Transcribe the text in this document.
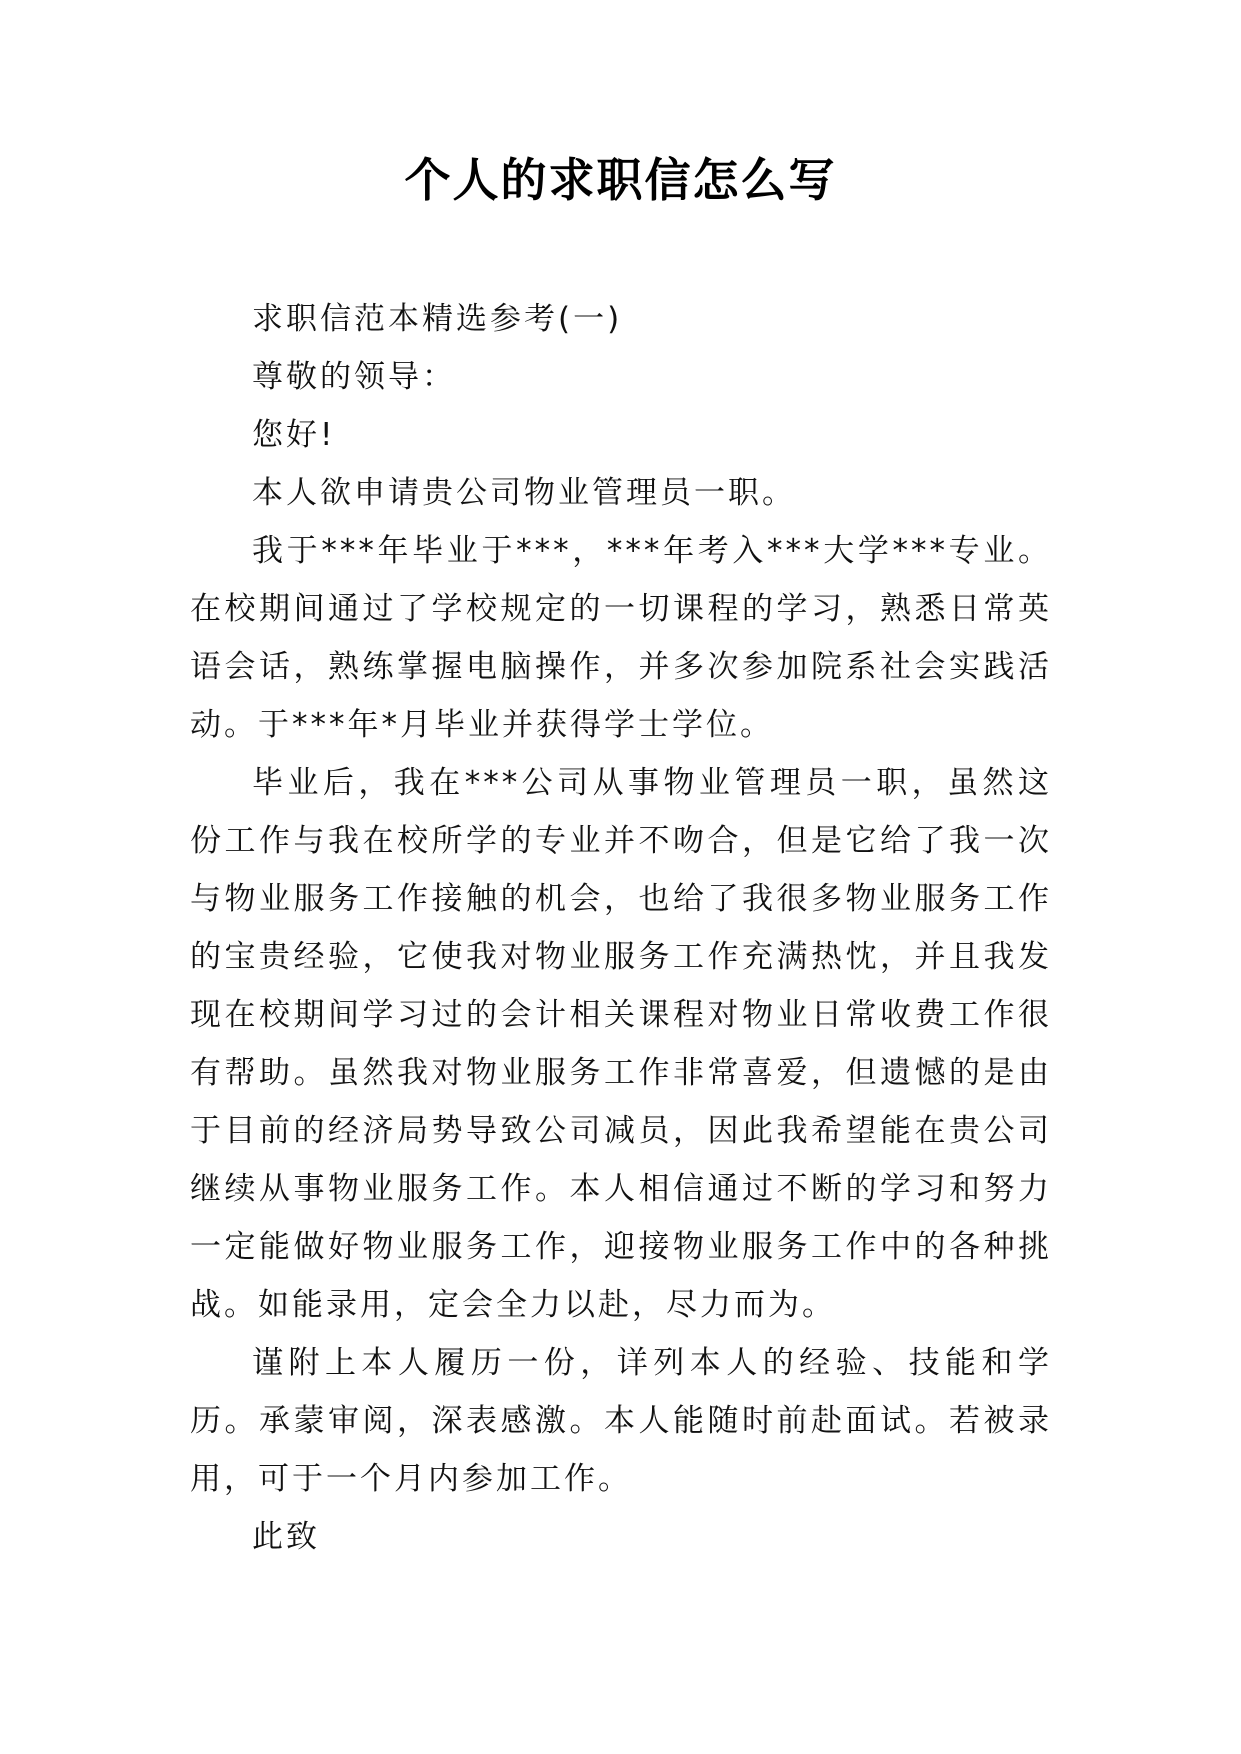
个人的求职信怎么写

求职信范本精选参考(一)

尊敬的领导：

您好!

本人欲申请贵公司物业管理员一职。

我于***年毕业于***，***年考入***大学***专业。在校期间通过了学校规定的一切课程的学习，熟悉日常英语会话，熟练掌握电脑操作，并多次参加院系社会实践活动。于***年*月毕业并获得学士学位。

毕业后，我在***公司从事物业管理员一职，虽然这份工作与我在校所学的专业并不吻合，但是它给了我一次与物业服务工作接触的机会，也给了我很多物业服务工作的宝贵经验，它使我对物业服务工作充满热忱，并且我发现在校期间学习过的会计相关课程对物业日常收费工作很有帮助。虽然我对物业服务工作非常喜爱，但遗憾的是由于目前的经济局势导致公司减员，因此我希望能在贵公司继续从事物业服务工作。本人相信通过不断的学习和努力一定能做好物业服务工作，迎接物业服务工作中的各种挑战。如能录用，定会全力以赴，尽力而为。

谨附上本人履历一份，详列本人的经验、技能和学历。承蒙审阅，深表感激。本人能随时前赴面试。若被录用，可于一个月内参加工作。

此致
